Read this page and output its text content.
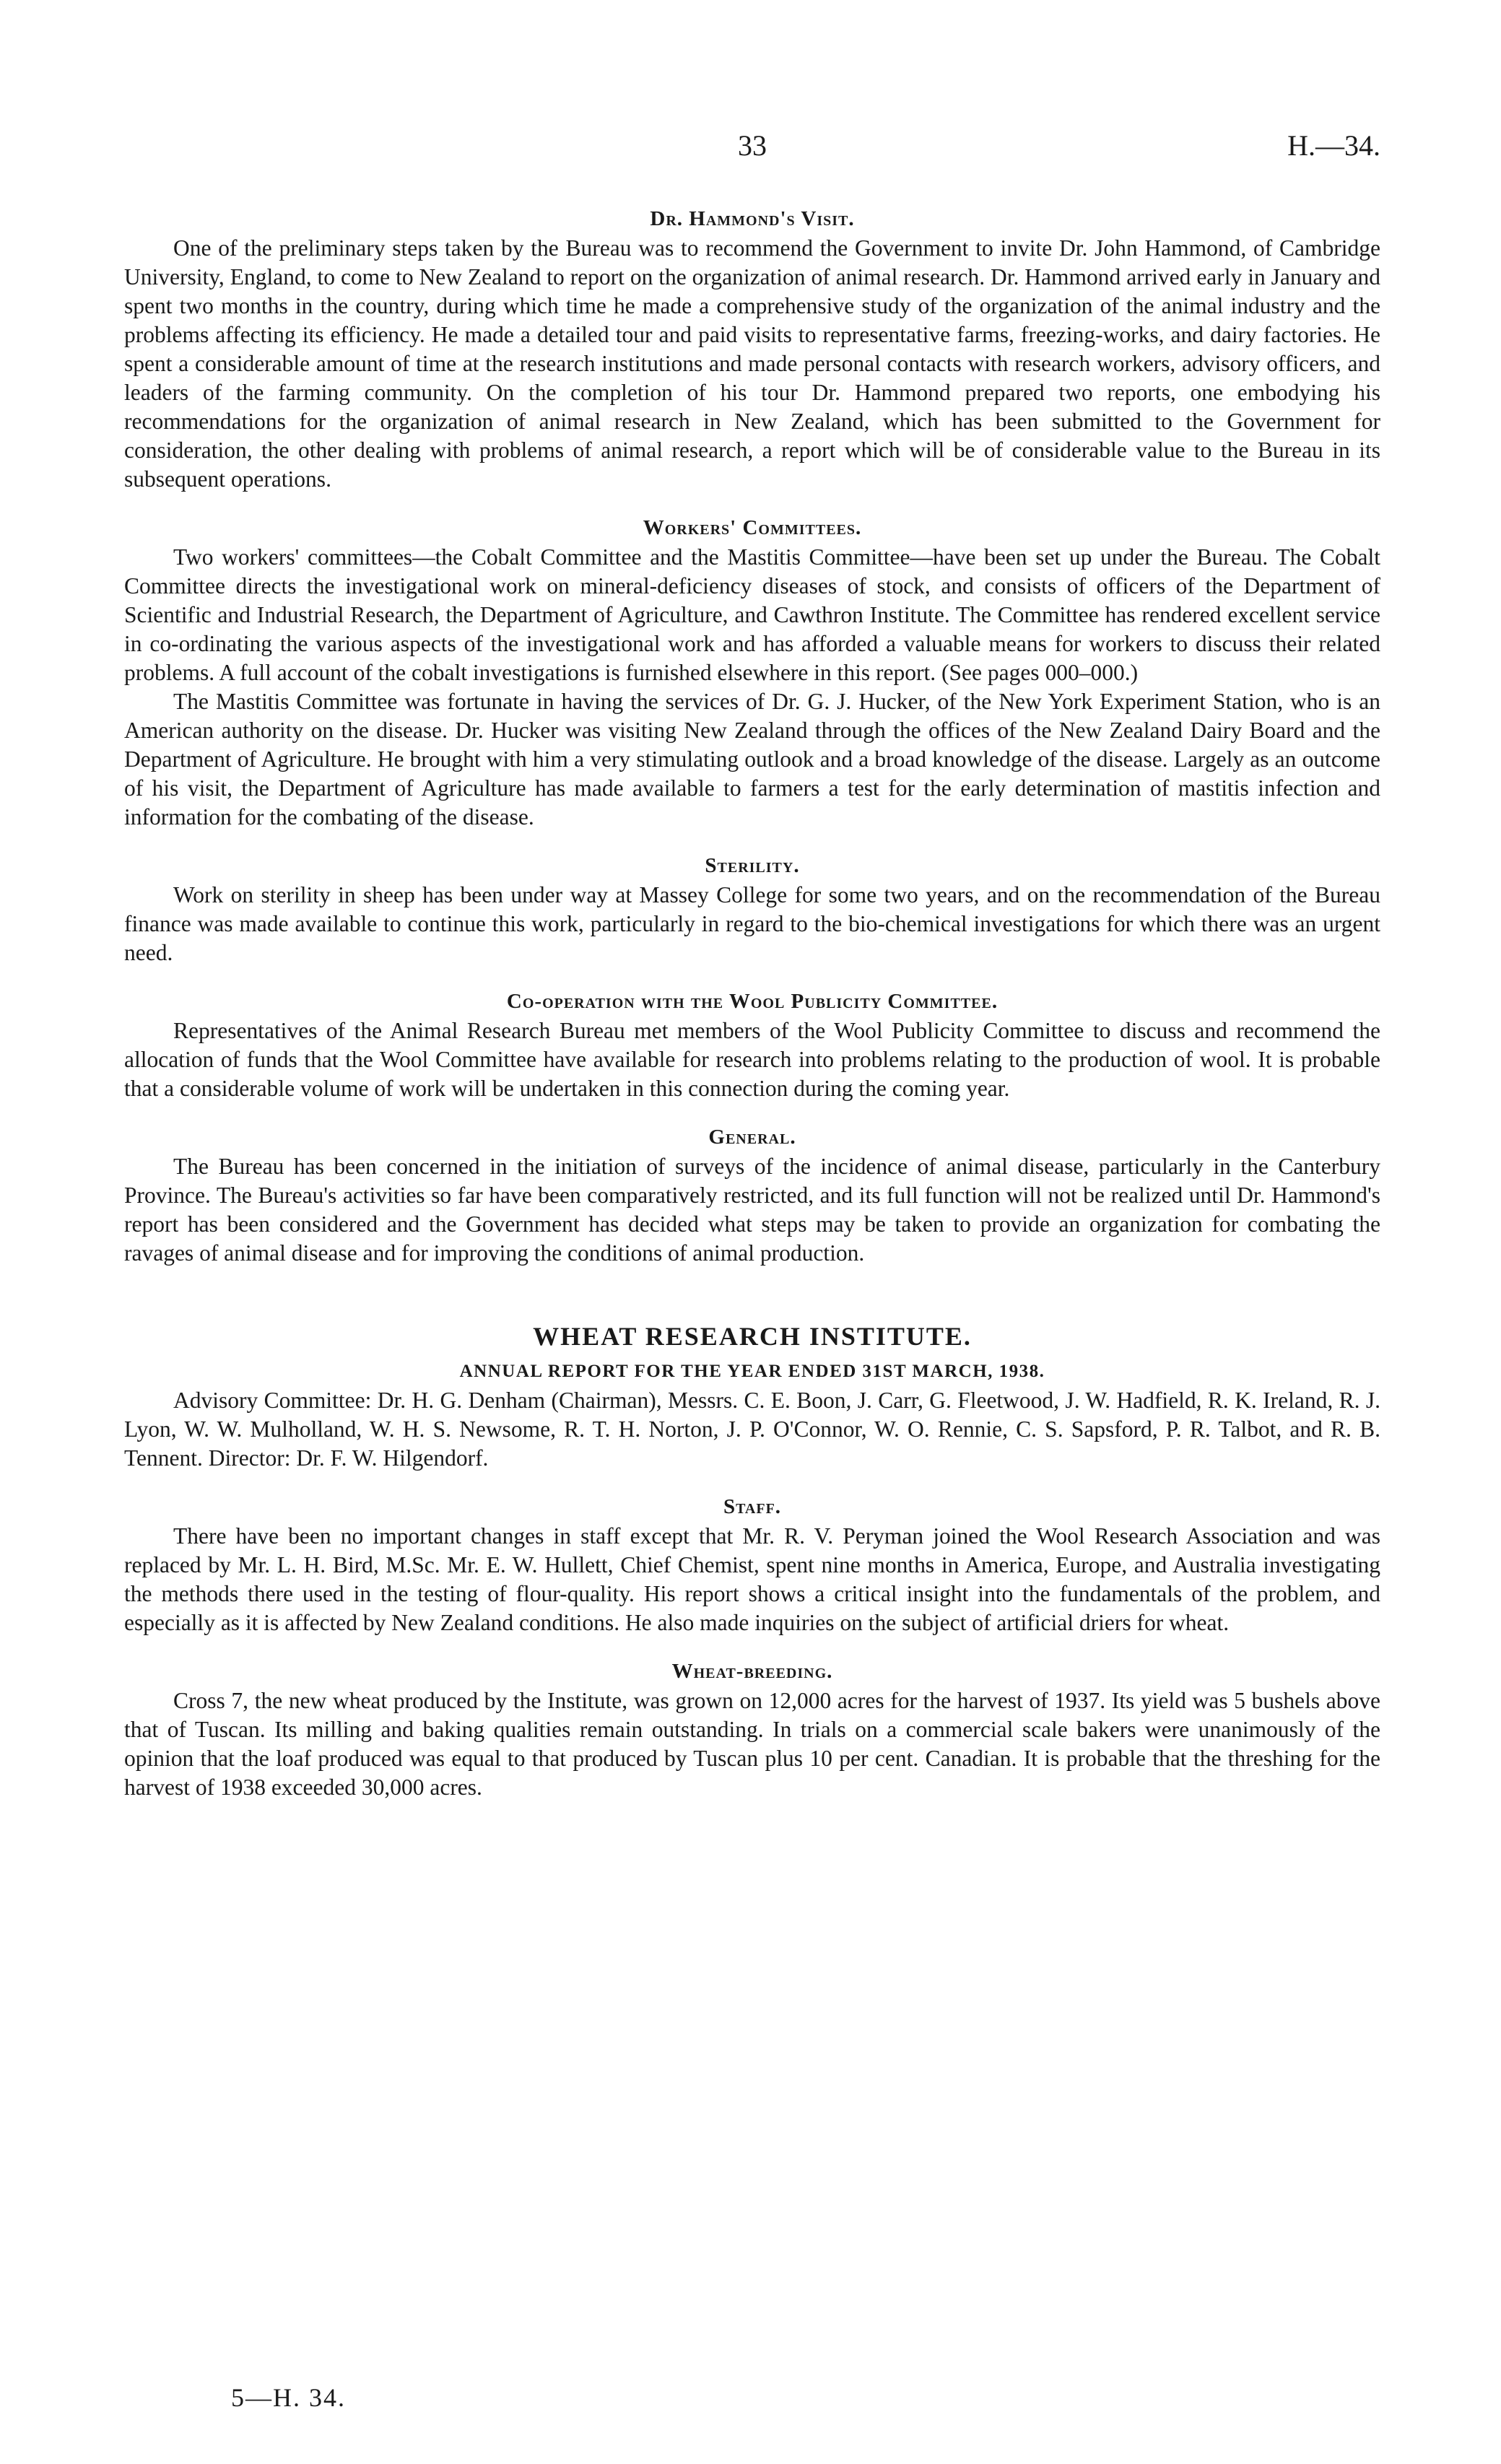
33	H.—34.
Dr. Hammond's Visit.

One of the preliminary steps taken by the Bureau was to recommend the Government to invite Dr. John Hammond, of Cambridge University, England, to come to New Zealand to report on the organization of animal research. Dr. Hammond arrived early in January and spent two months in the country, during which time he made a comprehensive study of the organization of the animal industry and the problems affecting its efficiency. He made a detailed tour and paid visits to representative farms, freezing-works, and dairy factories. He spent a considerable amount of time at the research institutions and made personal contacts with research workers, advisory officers, and leaders of the farming community. On the completion of his tour Dr. Hammond prepared two reports, one embodying his recommendations for the organization of animal research in New Zealand, which has been submitted to the Government for consideration, the other dealing with problems of animal research, a report which will be of considerable value to the Bureau in its subsequent operations.

Workers' Committees.

Two workers' committees—the Cobalt Committee and the Mastitis Committee—have been set up under the Bureau. The Cobalt Committee directs the investigational work on mineral-deficiency diseases of stock, and consists of officers of the Department of Scientific and Industrial Research, the Department of Agriculture, and Cawthron Institute. The Committee has rendered excellent service in co-ordinating the various aspects of the investigational work and has afforded a valuable means for workers to discuss their related problems. A full account of the cobalt investigations is furnished elsewhere in this report. (See pages 000–000.)

The Mastitis Committee was fortunate in having the services of Dr. G. J. Hucker, of the New York Experiment Station, who is an American authority on the disease. Dr. Hucker was visiting New Zealand through the offices of the New Zealand Dairy Board and the Department of Agriculture. He brought with him a very stimulating outlook and a broad knowledge of the disease. Largely as an outcome of his visit, the Department of Agriculture has made available to farmers a test for the early determination of mastitis infection and information for the combating of the disease.

Sterility.

Work on sterility in sheep has been under way at Massey College for some two years, and on the recommendation of the Bureau finance was made available to continue this work, particularly in regard to the bio-chemical investigations for which there was an urgent need.

Co-operation with the Wool Publicity Committee.

Representatives of the Animal Research Bureau met members of the Wool Publicity Committee to discuss and recommend the allocation of funds that the Wool Committee have available for research into problems relating to the production of wool. It is probable that a considerable volume of work will be undertaken in this connection during the coming year.

General.

The Bureau has been concerned in the initiation of surveys of the incidence of animal disease, particularly in the Canterbury Province. The Bureau's activities so far have been comparatively restricted, and its full function will not be realized until Dr. Hammond's report has been considered and the Government has decided what steps may be taken to provide an organization for combating the ravages of animal disease and for improving the conditions of animal production.

WHEAT RESEARCH INSTITUTE.
ANNUAL REPORT FOR THE YEAR ENDED 31ST MARCH, 1938.

Advisory Committee: Dr. H. G. Denham (Chairman), Messrs. C. E. Boon, J. Carr, G. Fleetwood, J. W. Hadfield, R. K. Ireland, R. J. Lyon, W. W. Mulholland, W. H. S. Newsome, R. T. H. Norton, J. P. O'Connor, W. O. Rennie, C. S. Sapsford, P. R. Talbot, and R. B. Tennent. Director: Dr. F. W. Hilgendorf.

Staff.

There have been no important changes in staff except that Mr. R. V. Peryman joined the Wool Research Association and was replaced by Mr. L. H. Bird, M.Sc. Mr. E. W. Hullett, Chief Chemist, spent nine months in America, Europe, and Australia investigating the methods there used in the testing of flour-quality. His report shows a critical insight into the fundamentals of the problem, and especially as it is affected by New Zealand conditions. He also made inquiries on the subject of artificial driers for wheat.

Wheat-breeding.

Cross 7, the new wheat produced by the Institute, was grown on 12,000 acres for the harvest of 1937. Its yield was 5 bushels above that of Tuscan. Its milling and baking qualities remain outstanding. In trials on a commercial scale bakers were unanimously of the opinion that the loaf produced was equal to that produced by Tuscan plus 10 per cent. Canadian. It is probable that the threshing for the harvest of 1938 exceeded 30,000 acres.

5—H. 34.
